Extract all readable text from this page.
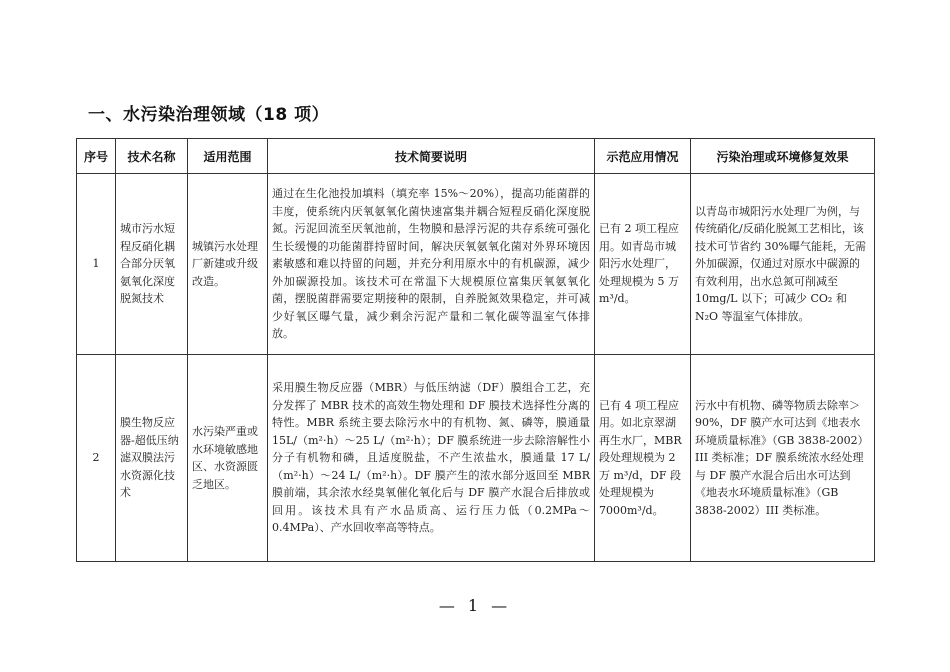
一、水污染治理领域（18 项）
序号	技术名称	适用范围	技术简要说明	示范应用情况	污染治理或环境修复效果
1	城市污水短程反硝化耦合部分厌氧氨氧化深度脱氮技术	城镇污水处理厂新建或升级改造。	通过在生化池投加填料（填充率 15%～20%），提高功能菌群的丰度，使系统内厌氧氨氧化菌快速富集并耦合短程反硝化深度脱氮。污泥回流至厌氧池前，生物膜和悬浮污泥的共存系统可强化生长缓慢的功能菌群持留时间，解决厌氧氨氧化菌对外界环境因素敏感和难以持留的问题，并充分利用原水中的有机碳源，减少外加碳源投加。该技术可在常温下大规模原位富集厌氧氨氧化菌，摆脱菌群需要定期接种的限制，自养脱氮效果稳定，并可减少好氧区曝气量，减少剩余污泥产量和二氧化碳等温室气体排放。	已有 2 项工程应用。如青岛市城阳污水处理厂，处理规模为 5 万 m³/d。	以青岛市城阳污水处理厂为例，与传统硝化/反硝化脱氮工艺相比，该技术可节省约 30%曝气能耗，无需外加碳源，仅通过对原水中碳源的有效利用，出水总氮可削减至 10mg/L 以下；可减少 CO₂ 和 N₂O 等温室气体排放。
2	膜生物反应器-超低压纳滤双膜法污水资源化技术	水污染严重或水环境敏感地区、水资源匮乏地区。	采用膜生物反应器（MBR）与低压纳滤（DF）膜组合工艺，充分发挥了 MBR 技术的高效生物处理和 DF 膜技术选择性分离的特性。MBR 系统主要去除污水中的有机物、氮、磷等，膜通量 15L/（m²·h）～25 L/（m²·h）；DF 膜系统进一步去除溶解性小分子有机物和磷，且适度脱盐，不产生浓盐水，膜通量 17 L/（m²·h）～24 L/（m²·h）。DF 膜产生的浓水部分返回至 MBR 膜前端，其余浓水经臭氧催化氧化后与 DF 膜产水混合后排放或回用。该技术具有产水品质高、运行压力低（0.2MPa～0.4MPa）、产水回收率高等特点。	已有 4 项工程应用。如北京翠湖再生水厂，MBR 段处理规模为 2 万 m³/d，DF 段处理规模为 7000m³/d。	污水中有机物、磷等物质去除率＞90%，DF 膜产水可达到《地表水环境质量标准》（GB 3838-2002）III 类标准；DF 膜系统浓水经处理与 DF 膜产水混合后出水可达到《地表水环境质量标准》（GB 3838-2002）III 类标准。
— 1 —
